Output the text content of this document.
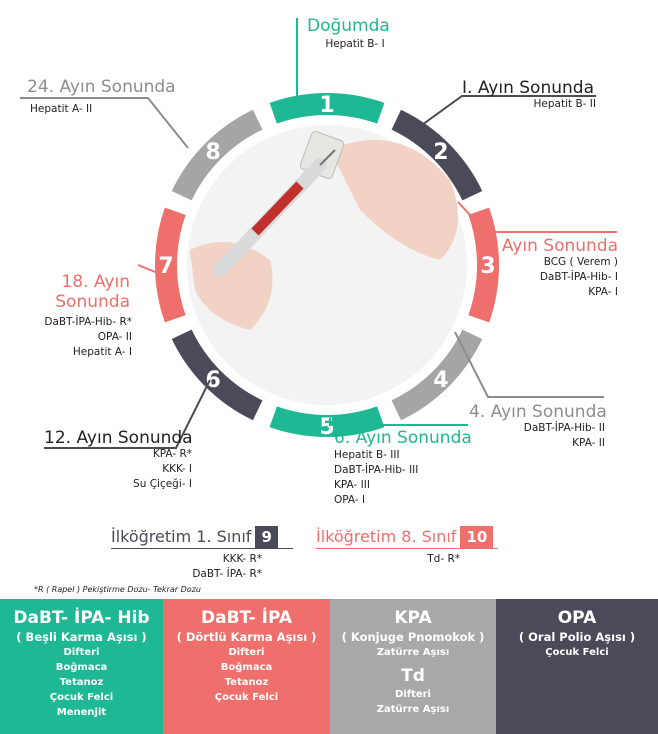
1
2
3
4
5
6
7
8
Doğumda
Hepatit B- I
I. Ayın Sonunda
Hepatit B- II
II. Ayın Sonunda
BCG ( Verem )
DaBT-İPA-Hib- I
KPA- I
4. Ayın Sonunda
DaBT-İPA-Hib- II
KPA- II
6. Ayın Sonunda
Hepatit B- III
DaBT-İPA-Hib- III
KPA- III
OPA- I
12. Ayın Sonunda
KPA- R*
KKK- I
Su Çiçeği- I
18. Ayın
Sonunda
DaBT-İPA-Hib- R*
OPA- II
Hepatit A- I
24. Ayın Sonunda
Hepatit A- II
İlköğretim 1. Sınıf 9
KKK- R*
DaBT- İPA- R*
İlköğretim 8. Sınıf 10
Td- R*
*R ( Rapel ) Pekiştirme Dozu- Tekrar Dozu
DaBT- İPA- Hib
( Beşli Karma Aşısı )
Difteri
Boğmaca
Tetanoz
Çocuk Felci
Menenjit
DaBT- İPA
( Dörtlü Karma Aşısı )
Difteri
Boğmaca
Tetanoz
Çocuk Felci
KPA
( Konjuge Pnomokok )
Zatürre Aşısı
Td
Difteri
Zatürre Aşısı
OPA
( Oral Polio Aşısı )
Çocuk Felci
